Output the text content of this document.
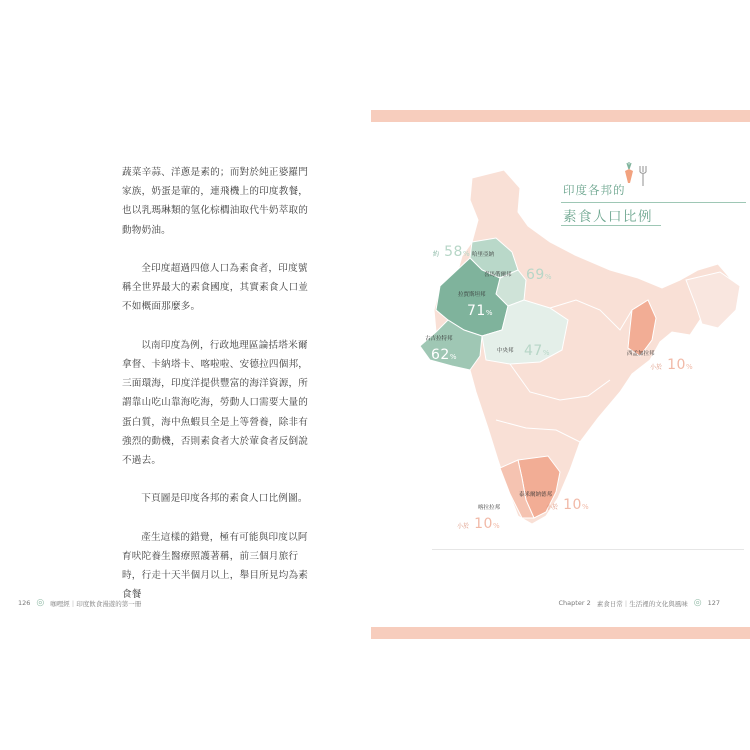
蔬菜辛蒜、洋蔥是素的；而對於純正婆羅門家族，奶蛋是葷的，連飛機上的印度教餐，也以乳瑪琳類的氫化棕櫚油取代牛奶萃取的動物奶油。

全印度超過四億人口為素食者，印度號稱全世界最大的素食國度，其實素食人口並不如概面那麼多。

以南印度為例，行政地理區論括塔米爾拿督、卡納塔卡、喀啦啦、安德拉四個邦，三面環海，印度洋提供豐富的海洋資源，所謂靠山吃山靠海吃海，勞動人口需要大量的蛋白質，海中魚蝦貝全是上等營養，除非有強烈的動機，否則素食者大於葷食者反倒說不過去。

下頁圖是印度各邦的素食人口比例圖。

產生這樣的錯覺，極有可能與印度以阿育吠陀養生醫療照護著稱，前三個月旅行時，行走十天半個月以上，舉目所見均為素食餐

126 ◎ 咖哩經｜印度飲食漫遊的第一冊
印度各邦的
素食人口比例
約 58% 哈里亞納
喜馬偕爾邦 69%
拉賈斯坦邦
71%
古吉拉特邦
62%
中央邦 47%	西孟加拉邦
小於 10%
泰米爾納德邦
小於 10%
喀拉拉邦
小於 10%
Chapter 2 素食日常｜生活裡的文化與風味 ◎ 127
